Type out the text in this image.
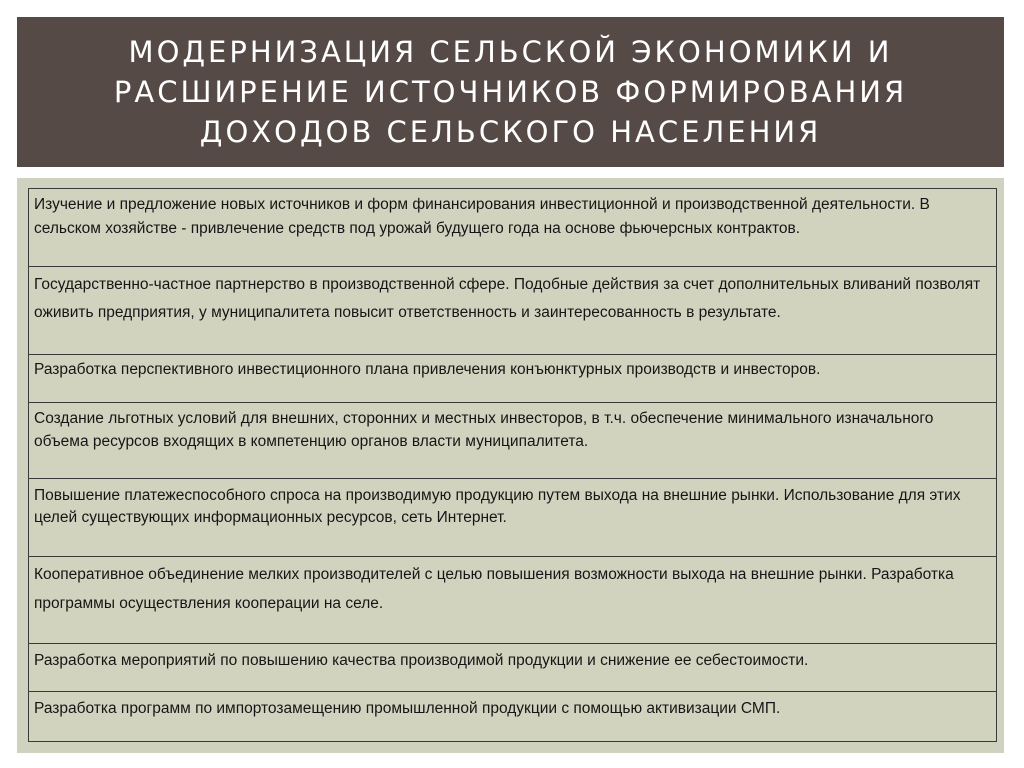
МОДЕРНИЗАЦИЯ СЕЛЬСКОЙ ЭКОНОМИКИ И
РАСШИРЕНИЕ ИСТОЧНИКОВ ФОРМИРОВАНИЯ
ДОХОДОВ СЕЛЬСКОГО НАСЕЛЕНИЯ
Изучение и предложение новых источников и форм финансирования инвестиционной и производственной деятельности. В сельском хозяйстве - привлечение средств под урожай будущего года на основе фьючерсных контрактов.
Государственно-частное партнерство в производственной сфере. Подобные действия за счет дополнительных вливаний позволят оживить предприятия, у муниципалитета повысит ответственность и заинтересованность в результате.
Разработка перспективного инвестиционного плана привлечения конъюнктурных производств и инвесторов.
Создание льготных условий для внешних, сторонних и местных инвесторов, в т.ч. обеспечение минимального изначального объема ресурсов входящих в компетенцию органов власти муниципалитета.
Повышение платежеспособного спроса на производимую продукцию путем выхода на внешние рынки. Использование для этих целей существующих информационных ресурсов, сеть Интернет.
Кооперативное объединение мелких производителей с целью повышения возможности выхода на внешние рынки. Разработка программы осуществления кооперации на селе.
Разработка мероприятий по повышению качества производимой продукции и снижение ее себестоимости.
Разработка программ по импортозамещению промышленной продукции с помощью активизации СМП.
